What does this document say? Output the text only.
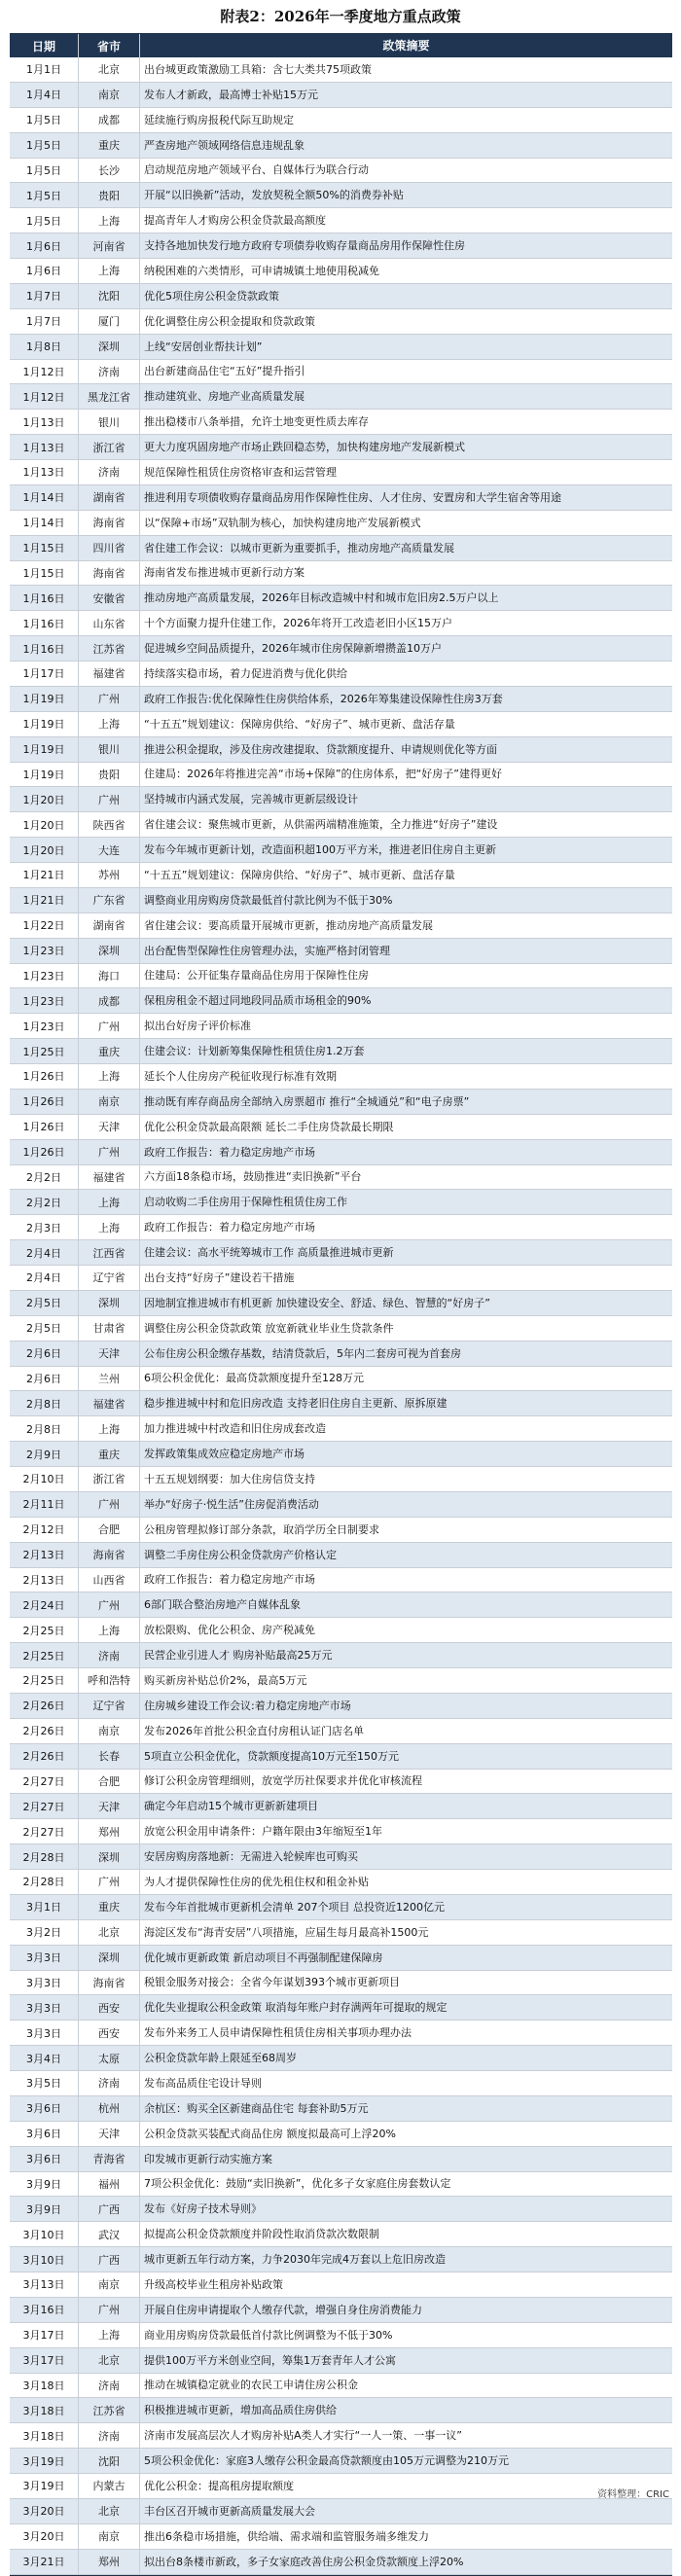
附表2：2026年一季度地方重点政策
日期	省市	政策摘要
1月1日	北京	出台城更政策激励工具箱：含七大类共75项政策
1月4日	南京	发布人才新政，最高博士补贴15万元
1月5日	成都	延续施行购房报税代际互助规定
1月5日	重庆	严查房地产领域网络信息违规乱象
1月5日	长沙	启动规范房地产领域平台、自媒体行为联合行动
1月5日	贵阳	开展“以旧换新”活动，发放契税全额50%的消费券补贴
1月5日	上海	提高青年人才购房公积金贷款最高额度
1月6日	河南省	支持各地加快发行地方政府专项债券收购存量商品房用作保障性住房
1月6日	上海	纳税困难的六类情形，可申请城镇土地使用税减免
1月7日	沈阳	优化5项住房公积金贷款政策
1月7日	厦门	优化调整住房公积金提取和贷款政策
1月8日	深圳	上线“安居创业帮扶计划”
1月12日	济南	出台新建商品住宅“五好”提升指引
1月12日	黑龙江省	推动建筑业、房地产业高质量发展
1月13日	银川	推出稳楼市八条举措，允许土地变更性质去库存
1月13日	浙江省	更大力度巩固房地产市场止跌回稳态势，加快构建房地产发展新模式
1月13日	济南	规范保障性租赁住房资格审查和运营管理
1月14日	湖南省	推进利用专项债收购存量商品房用作保障性住房、人才住房、安置房和大学生宿舍等用途
1月14日	海南省	以“保障+市场”双轨制为核心，加快构建房地产发展新模式
1月15日	四川省	省住建工作会议：以城市更新为重要抓手，推动房地产高质量发展
1月15日	海南省	海南省发布推进城市更新行动方案
1月16日	安徽省	推动房地产高质量发展，2026年目标改造城中村和城市危旧房2.5万户以上
1月16日	山东省	十个方面聚力提升住建工作，2026年将开工改造老旧小区15万户
1月16日	江苏省	促进城乡空间品质提升，2026年城市住房保障新增攒盖10万户
1月17日	福建省	持续落实稳市场，着力促进消费与优化供给
1月19日	广州	政府工作报告:优化保障性住房供给体系，2026年筹集建设保障性住房3万套
1月19日	上海	“十五五”规划建议：保障房供给、“好房子”、城市更新、盘活存量
1月19日	银川	推进公积金提取，涉及住房改建提取、贷款额度提升、申请规则优化等方面
1月19日	贵阳	住建局：2026年将推进完善“市场+保障”的住房体系，把“好房子”建得更好
1月20日	广州	坚持城市内涵式发展，完善城市更新层级设计
1月20日	陕西省	省住建会议：聚焦城市更新，从供需两端精准施策，全力推进“好房子”建设
1月20日	大连	发布今年城市更新计划，改造面积超100万平方米，推进老旧住房自主更新
1月21日	苏州	“十五五”规划建议：保障房供给、“好房子”、城市更新、盘活存量
1月21日	广东省	调整商业用房购房贷款最低首付款比例为不低于30%
1月22日	湖南省	省住建会议：要高质量开展城市更新，推动房地产高质量发展
1月23日	深圳	出台配售型保障性住房管理办法，实施严格封闭管理
1月23日	海口	住建局：公开征集存量商品住房用于保障性住房
1月23日	成都	保租房租金不超过同地段同品质市场租金的90%
1月23日	广州	拟出台好房子评价标准
1月25日	重庆	住建会议：计划新筹集保障性租赁住房1.2万套
1月26日	上海	延长个人住房房产税征收现行标准有效期
1月26日	南京	推动既有库存商品房全部纳入房票超市 推行“全城通兑”和“电子房票”
1月26日	天津	优化公积金贷款最高限额 延长二手住房贷款最长期限
1月26日	广州	政府工作报告：着力稳定房地产市场
2月2日	福建省	六方面18条稳市场，鼓励推进“卖旧换新”平台
2月2日	上海	启动收购二手住房用于保障性租赁住房工作
2月3日	上海	政府工作报告：着力稳定房地产市场
2月4日	江西省	住建会议：高水平统筹城市工作 高质量推进城市更新
2月4日	辽宁省	出台支持“好房子”建设若干措施
2月5日	深圳	因地制宜推进城市有机更新 加快建设安全、舒适、绿色、智慧的“好房子”
2月5日	甘肃省	调整住房公积金贷款政策 放宽新就业毕业生贷款条件
2月6日	天津	公布住房公积金缴存基数，结清贷款后，5年内二套房可视为首套房
2月6日	兰州	6项公积金优化：最高贷款额度提升至128万元
2月8日	福建省	稳步推进城中村和危旧房改造 支持老旧住房自主更新、原拆原建
2月8日	上海	加力推进城中村改造和旧住房成套改造
2月9日	重庆	发挥政策集成效应稳定房地产市场
2月10日	浙江省	十五五规划纲要：加大住房信贷支持
2月11日	广州	举办“好房子·悦生活”住房促消费活动
2月12日	合肥	公租房管理拟修订部分条款，取消学历全日制要求
2月13日	海南省	调整二手房住房公积金贷款房产价格认定
2月13日	山西省	政府工作报告：着力稳定房地产市场
2月24日	广州	6部门联合整治房地产自媒体乱象
2月25日	上海	放松限购、优化公积金、房产税减免
2月25日	济南	民营企业引进人才 购房补贴最高25万元
2月25日	呼和浩特	购买新房补贴总价2%，最高5万元
2月26日	辽宁省	住房城乡建设工作会议:着力稳定房地产市场
2月26日	南京	发布2026年首批公积金直付房租认证门店名单
2月26日	长春	5项直立公积金优化，贷款额度提高10万元至150万元
2月27日	合肥	修订公积金房管理细则，放宽学历社保要求并优化审核流程
2月27日	天津	确定今年启动15个城市更新新建项目
2月27日	郑州	放宽公积金用申请条件：户籍年限由3年缩短至1年
2月28日	深圳	安居房购房落地新：无需进入轮候库也可购买
2月28日	广州	为人才提供保障性住房的优先租住权和租金补贴
3月1日	重庆	发布今年首批城市更新机会清单 207个项目 总投资近1200亿元
3月2日	北京	海淀区发布“海青安居”八项措施，应届生每月最高补1500元
3月3日	深圳	优化城市更新政策 新启动项目不再强制配建保障房
3月3日	海南省	税银金服务对接会：全省今年谋划393个城市更新项目
3月3日	西安	优化失业提取公积金政策 取消每年账户封存满两年可提取的规定
3月3日	西安	发布外来务工人员申请保障性租赁住房相关事项办理办法
3月4日	太原	公积金贷款年龄上限延至68周岁
3月5日	济南	发布高品质住宅设计导则
3月6日	杭州	余杭区：购买全区新建商品住宅 每套补助5万元
3月6日	天津	公积金贷款买装配式商品住房 额度拟最高可上浮20%
3月6日	青海省	印发城市更新行动实施方案
3月9日	福州	7项公积金优化：鼓励“卖旧换新”，优化多子女家庭住房套数认定
3月9日	广西	发布《好房子技术导则》
3月10日	武汉	拟提高公积金贷款额度并阶段性取消贷款次数限制
3月10日	广西	城市更新五年行动方案，力争2030年完成4万套以上危旧房改造
3月13日	南京	升级高校毕业生租房补贴政策
3月16日	广州	开展自住房申请提取个人缴存代款，增强自身住房消费能力
3月17日	上海	商业用房购房贷款最低首付款比例调整为不低于30%
3月17日	北京	提供100万平方米创业空间，筹集1万套青年人才公寓
3月18日	济南	推动在城镇稳定就业的农民工申请住房公积金
3月18日	江苏省	积极推进城市更新，增加高品质住房供给
3月18日	济南	济南市发展高层次人才购房补贴A类人才实行“一人一策、一事一议”
3月19日	沈阳	5项公积金优化：家庭3人缴存公积金最高贷款额度由105万元调整为210万元
3月19日	内蒙古	优化公积金：提高租房提取额度
3月20日	北京	丰台区召开城市更新高质量发展大会
3月20日	南京	推出6条稳市场措施，供给端、需求端和监管服务端多维发力
3月21日	郑州	拟出台8条楼市新政，多子女家庭改善住房公积金贷款额度上浮20%
资料整理：CRIC
